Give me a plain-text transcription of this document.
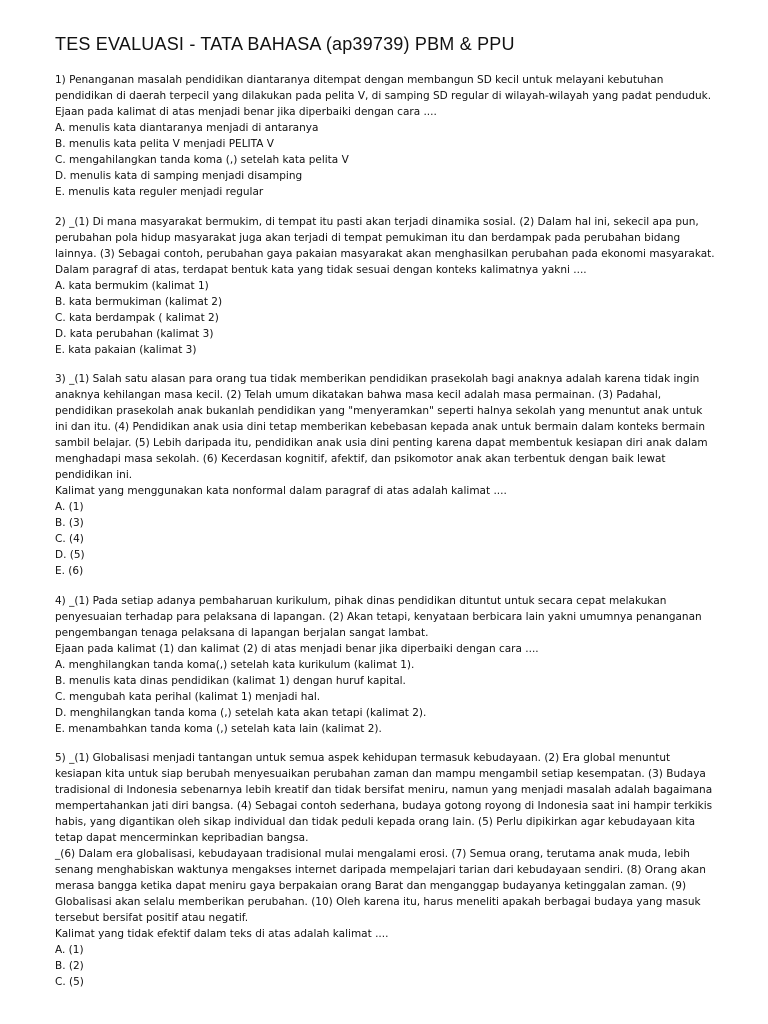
TES EVALUASI - TATA BAHASA (ap39739) PBM & PPU

1) Penanganan masalah pendidikan diantaranya ditempat dengan membangun SD kecil untuk melayani kebutuhan pendidikan di daerah terpecil yang dilakukan pada pelita V, di samping SD regular di wilayah-wilayah yang padat penduduk.

Ejaan pada kalimat di atas menjadi benar jika diperbaiki dengan cara ....

A. menulis kata diantaranya menjadi di antaranya

B. menulis kata pelita V menjadi PELITA V

C. mengahilangkan tanda koma (,) setelah kata pelita V

D. menulis kata di samping menjadi disamping

E. menulis kata reguler menjadi regular

2) _(1) Di mana masyarakat bermukim, di tempat itu pasti akan terjadi dinamika sosial. (2) Dalam hal ini, sekecil apa pun, perubahan pola hidup masyarakat juga akan terjadi di tempat pemukiman itu dan berdampak pada perubahan bidang lainnya. (3) Sebagai contoh, perubahan gaya pakaian masyarakat akan menghasilkan perubahan pada ekonomi masyarakat.

Dalam paragraf di atas, terdapat bentuk kata yang tidak sesuai dengan konteks kalimatnya yakni ....

A. kata bermukim (kalimat 1)

B. kata bermukiman (kalimat 2)

C. kata berdampak ( kalimat 2)

D. kata perubahan (kalimat 3)

E. kata pakaian (kalimat 3)

3) _(1) Salah satu alasan para orang tua tidak memberikan pendidikan prasekolah bagi anaknya adalah karena tidak ingin anaknya kehilangan masa kecil. (2) Telah umum dikatakan bahwa masa kecil adalah masa permainan. (3) Padahal, pendidikan prasekolah anak bukanlah pendidikan yang "menyeramkan" seperti halnya sekolah yang menuntut anak untuk ini dan itu. (4) Pendidikan anak usia dini tetap memberikan kebebasan kepada anak untuk bermain dalam konteks bermain sambil belajar. (5) Lebih daripada itu, pendidikan anak usia dini penting karena dapat membentuk kesiapan diri anak dalam menghadapi masa sekolah. (6) Kecerdasan kognitif, afektif, dan psikomotor anak akan terbentuk dengan baik lewat pendidikan ini.

Kalimat yang menggunakan kata nonformal dalam paragraf di atas adalah kalimat ....

A. (1)

B. (3)

C. (4)

D. (5)

E. (6)

4) _(1) Pada setiap adanya pembaharuan kurikulum, pihak dinas pendidikan dituntut untuk secara cepat melakukan penyesuaian terhadap para pelaksana di lapangan. (2) Akan tetapi, kenyataan berbicara lain yakni umumnya penanganan pengembangan tenaga pelaksana di lapangan berjalan sangat lambat.

Ejaan pada kalimat (1) dan kalimat (2) di atas menjadi benar jika diperbaiki dengan cara ....

A. menghilangkan tanda koma(,) setelah kata kurikulum (kalimat 1).

B. menulis kata dinas pendidikan (kalimat 1) dengan huruf kapital.

C. mengubah kata perihal (kalimat 1) menjadi hal.

D. menghilangkan tanda koma (,) setelah kata akan tetapi (kalimat 2).

E. menambahkan tanda koma (,) setelah kata lain (kalimat 2).

5) _(1) Globalisasi menjadi tantangan untuk semua aspek kehidupan termasuk kebudayaan. (2) Era global menuntut kesiapan kita untuk siap berubah menyesuaikan perubahan zaman dan mampu mengambil setiap kesempatan. (3) Budaya tradisional di Indonesia sebenarnya lebih kreatif dan tidak bersifat meniru, namun yang menjadi masalah adalah bagaimana mempertahankan jati diri bangsa. (4) Sebagai contoh sederhana, budaya gotong royong di Indonesia saat ini hampir terkikis habis, yang digantikan oleh sikap individual dan tidak peduli kepada orang lain. (5) Perlu dipikirkan agar kebudayaan kita tetap dapat mencerminkan kepribadian bangsa.

_(6) Dalam era globalisasi, kebudayaan tradisional mulai mengalami erosi. (7) Semua orang, terutama anak muda, lebih senang menghabiskan waktunya mengakses internet daripada mempelajari tarian dari kebudayaan sendiri. (8) Orang akan merasa bangga ketika dapat meniru gaya berpakaian orang Barat dan menganggap budayanya ketinggalan zaman. (9) Globalisasi akan selalu memberikan perubahan. (10) Oleh karena itu, harus meneliti apakah berbagai budaya yang masuk tersebut bersifat positif atau negatif.

Kalimat yang tidak efektif dalam teks di atas adalah kalimat ....

A. (1)

B. (2)

C. (5)
